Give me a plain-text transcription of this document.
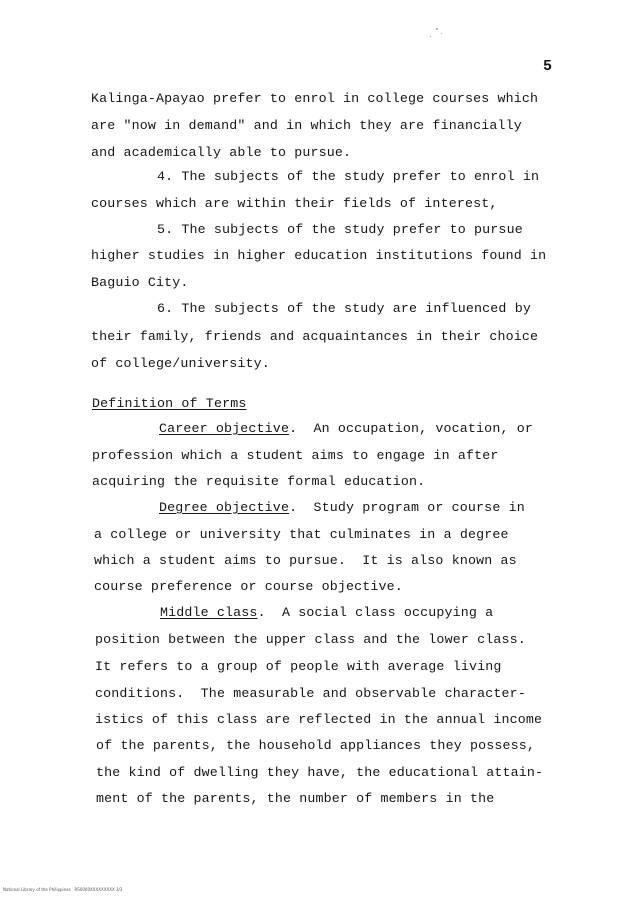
5
Kalinga-Apayao prefer to enrol in college courses which
are "now in demand" and in which they are financially
and academically able to pursue.
4. The subjects of the study prefer to enrol in
courses which are within their fields of interest,
5. The subjects of the study prefer to pursue
higher studies in higher education institutions found in
Baguio City.
6. The subjects of the study are influenced by
their family, friends and acquaintances in their choice
of college/university.
Definition of Terms
Career objective.  An occupation, vocation, or
profession which a student aims to engage in after
acquiring the requisite formal education.
Degree objective.  Study program or course in
a college or university that culminates in a degree
which a student aims to pursue.  It is also known as
course preference or course objective.
Middle class.  A social class occupying a
position between the upper class and the lower class.
It refers to a group of people with average living
conditions.  The measurable and observable character-
istics of this class are reflected in the annual income
of the parents, the household appliances they possess,
the kind of dwelling they have, the educational attain-
ment of the parents, the number of members in the
National Library of the Philippines   RS0000XXXXXXXXX 3/3
